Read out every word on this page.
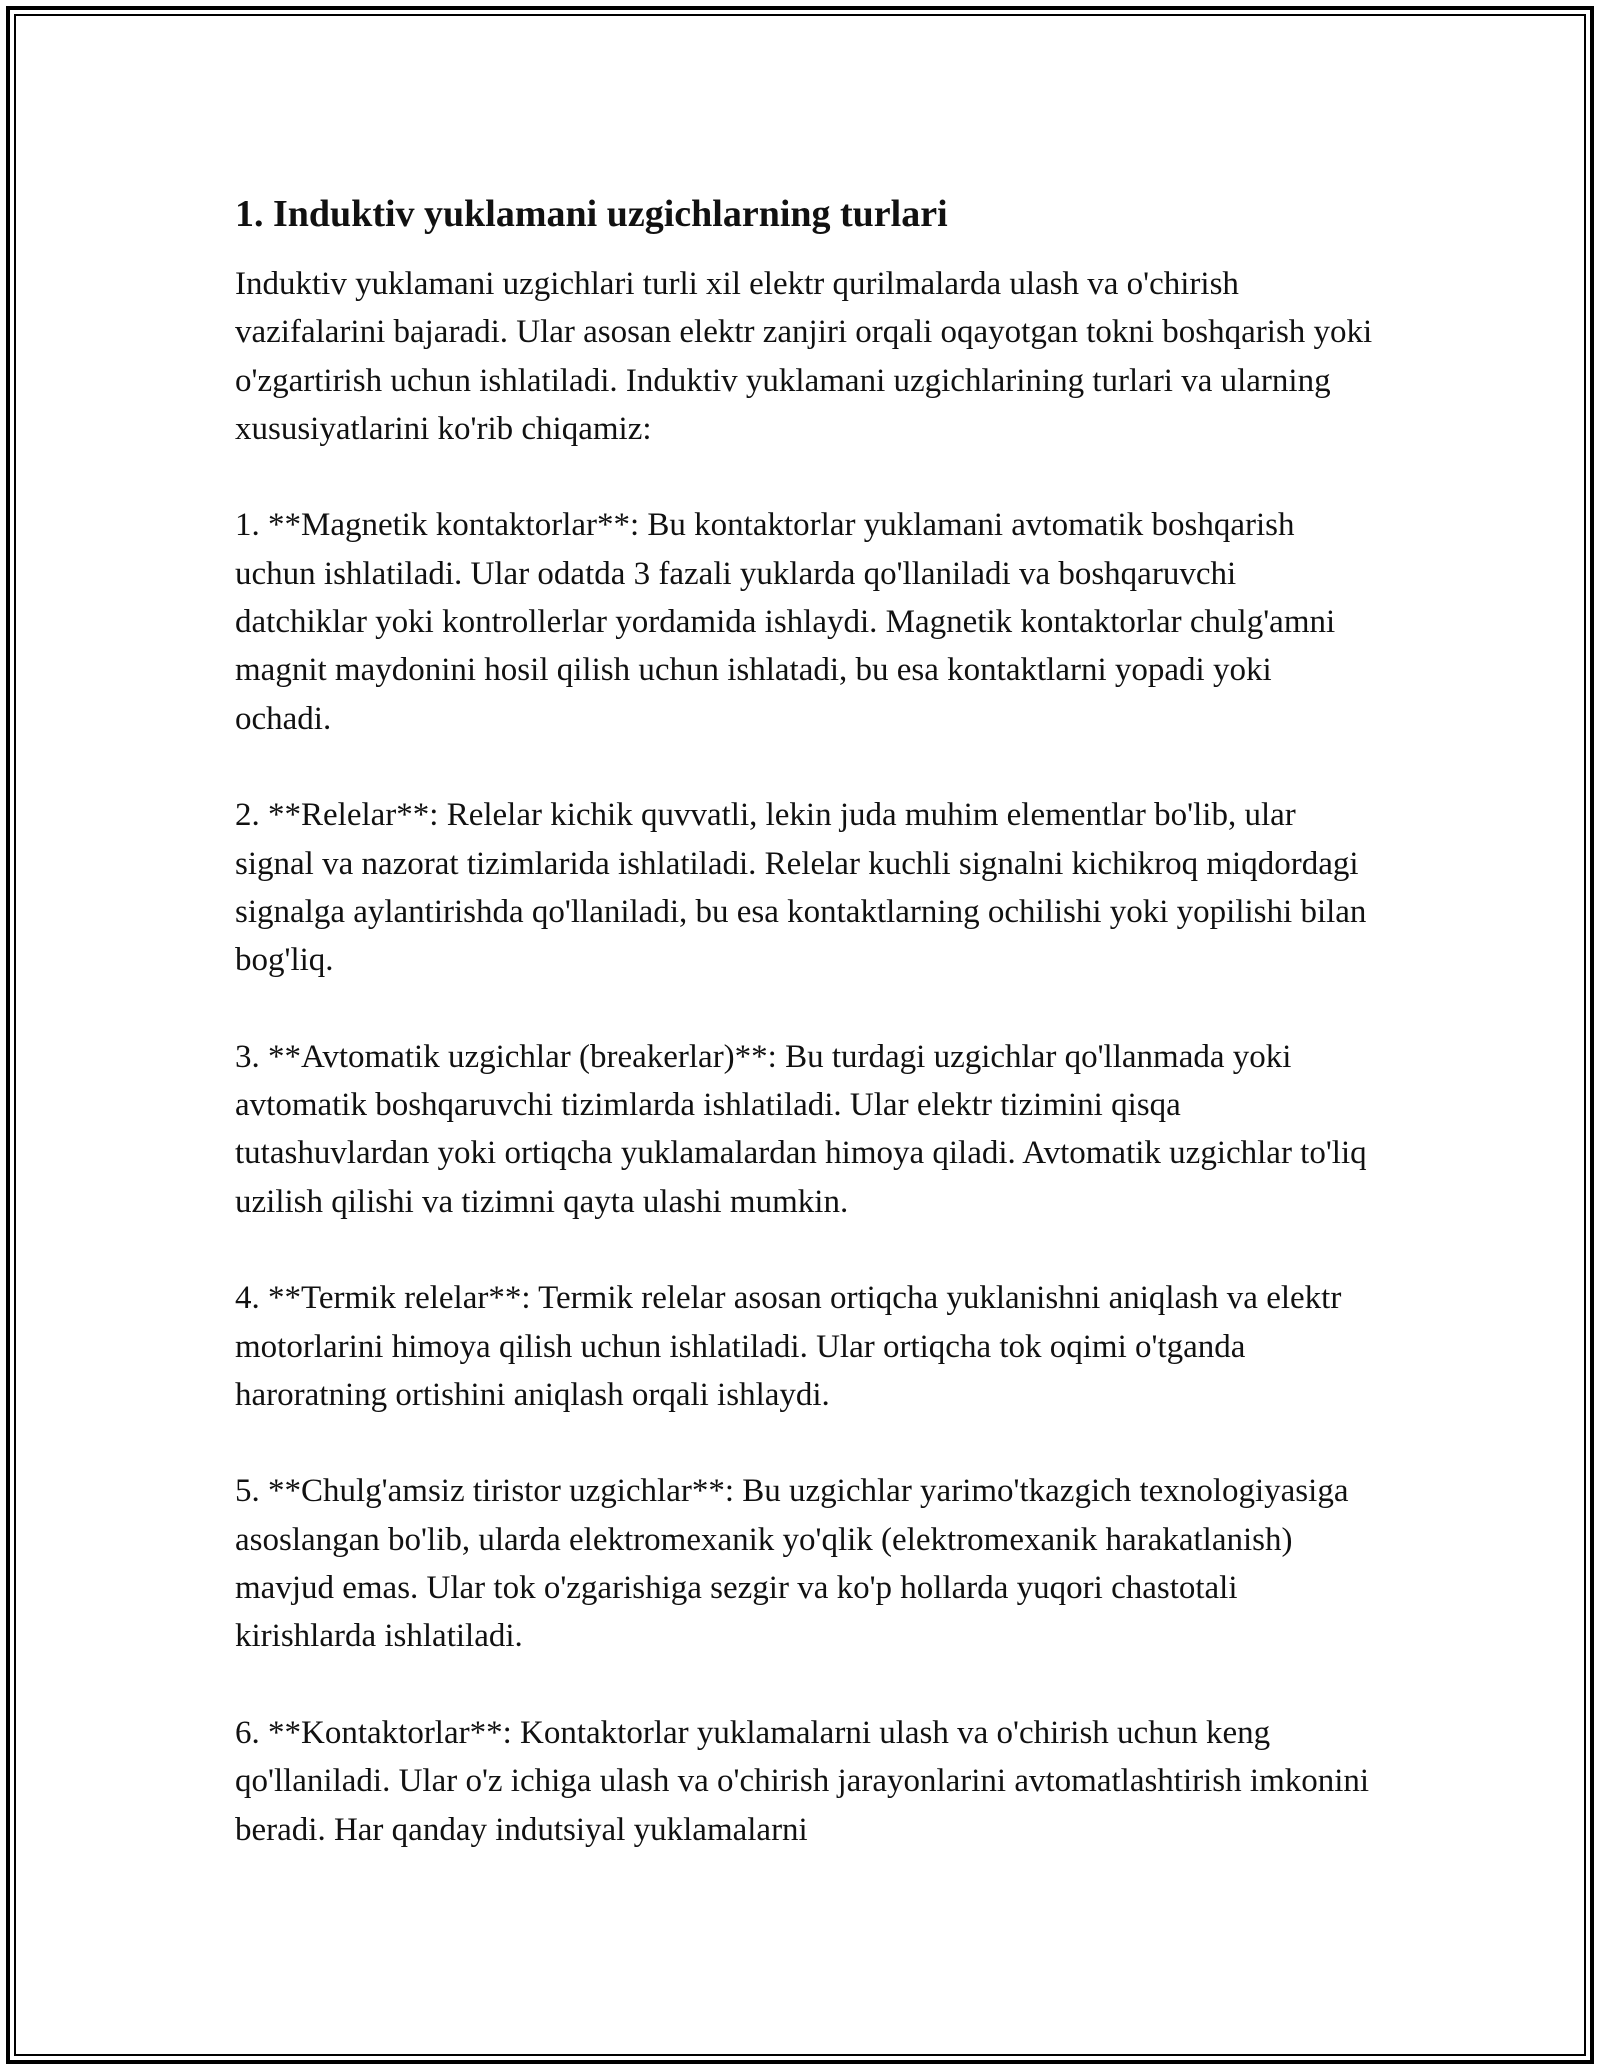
1. Induktiv yuklamani uzgichlarning turlari

Induktiv yuklamani uzgichlari turli xil elektr qurilmalarda ulash va o'chirish vazifalarini bajaradi. Ular asosan elektr zanjiri orqali oqayotgan tokni boshqarish yoki o'zgartirish uchun ishlatiladi. Induktiv yuklamani uzgichlarining turlari va ularning xususiyatlarini ko'rib chiqamiz:

1. **Magnetik kontaktorlar**: Bu kontaktorlar yuklamani avtomatik boshqarish uchun ishlatiladi. Ular odatda 3 fazali yuklarda qo'llaniladi va boshqaruvchi datchiklar yoki kontrollerlar yordamida ishlaydi. Magnetik kontaktorlar chulg'amni magnit maydonini hosil qilish uchun ishlatadi, bu esa kontaktlarni yopadi yoki ochadi.

2. **Relelar**: Relelar kichik quvvatli, lekin juda muhim elementlar bo'lib, ular signal va nazorat tizimlarida ishlatiladi. Relelar kuchli signalni kichikroq miqdordagi signalga aylantirishda qo'llaniladi, bu esa kontaktlarning ochilishi yoki yopilishi bilan bog'liq.

3. **Avtomatik uzgichlar (breakerlar)**: Bu turdagi uzgichlar qo'llanmada yoki avtomatik boshqaruvchi tizimlarda ishlatiladi. Ular elektr tizimini qisqa tutashuvlardan yoki ortiqcha yuklamalardan himoya qiladi. Avtomatik uzgichlar to'liq uzilish qilishi va tizimni qayta ulashi mumkin.

4. **Termik relelar**: Termik relelar asosan ortiqcha yuklanishni aniqlash va elektr motorlarini himoya qilish uchun ishlatiladi. Ular ortiqcha tok oqimi o'tganda haroratning ortishini aniqlash orqali ishlaydi.

5. **Chulg'amsiz tiristor uzgichlar**: Bu uzgichlar yarimo'tkazgich texnologiyasiga asoslangan bo'lib, ularda elektromexanik yo'qlik (elektromexanik harakatlanish) mavjud emas. Ular tok o'zgarishiga sezgir va ko'p hollarda yuqori chastotali kirishlarda ishlatiladi.

6. **Kontaktorlar**: Kontaktorlar yuklamalarni ulash va o'chirish uchun keng qo'llaniladi. Ular o'z ichiga ulash va o'chirish jarayonlarini avtomatlashtirish imkonini beradi. Har qanday indutsiyal yuklamalarni
